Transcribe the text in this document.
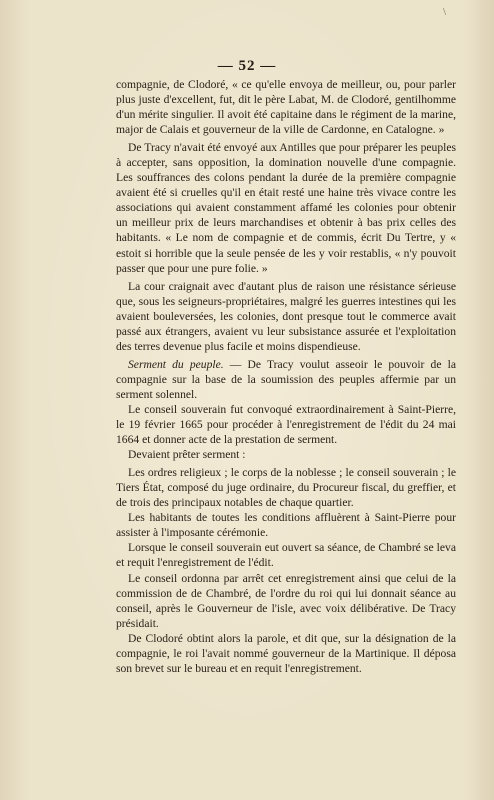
\
— 52 —

compagnie, de Clodoré, « ce qu'elle envoya de meilleur, ou, pour parler plus juste d'excellent, fut, dit le père Labat, M. de Clodoré, gentilhomme d'un mérite singulier. Il avoit été capitaine dans le régiment de la marine, major de Calais et gouverneur de la ville de Cardonne, en Catalogne. »

De Tracy n'avait été envoyé aux Antilles que pour préparer les peuples à accepter, sans opposition, la domination nouvelle d'une compagnie. Les souffrances des colons pendant la durée de la première compagnie avaient été si cruelles qu'il en était resté une haine très vivace contre les associations qui avaient constamment affamé les colonies pour obtenir un meilleur prix de leurs marchandises et obtenir à bas prix celles des habitants. « Le nom de compagnie et de commis, écrit Du Tertre, y « estoit si horrible que la seule pensée de les y voir restablis, « n'y pouvoit passer que pour une pure folie. »

La cour craignait avec d'autant plus de raison une résistance sérieuse que, sous les seigneurs-propriétaires, malgré les guerres intestines qui les avaient bouleversées, les colonies, dont presque tout le commerce avait passé aux étrangers, avaient vu leur subsistance assurée et l'exploitation des terres devenue plus facile et moins dispendieuse.

Serment du peuple. — De Tracy voulut asseoir le pouvoir de la compagnie sur la base de la soumission des peuples affermie par un serment solennel.

Le conseil souverain fut convoqué extraordinairement à Saint-Pierre, le 19 février 1665 pour procéder à l'enregistrement de l'édit du 24 mai 1664 et donner acte de la prestation de serment.

Devaient prêter serment :

Les ordres religieux ; le corps de la noblesse ; le conseil souverain ; le Tiers État, composé du juge ordinaire, du Procureur fiscal, du greffier, et de trois des principaux notables de chaque quartier.

Les habitants de toutes les conditions affluèrent à Saint-Pierre pour assister à l'imposante cérémonie.

Lorsque le conseil souverain eut ouvert sa séance, de Chambré se leva et requit l'enregistrement de l'édit.

Le conseil ordonna par arrêt cet enregistrement ainsi que celui de la commission de de Chambré, de l'ordre du roi qui lui donnait séance au conseil, après le Gouverneur de l'isle, avec voix délibérative. De Tracy présidait.

De Clodoré obtint alors la parole, et dit que, sur la désignation de la compagnie, le roi l'avait nommé gouverneur de la Martinique. Il déposa son brevet sur le bureau et en requit l'enregistrement.
